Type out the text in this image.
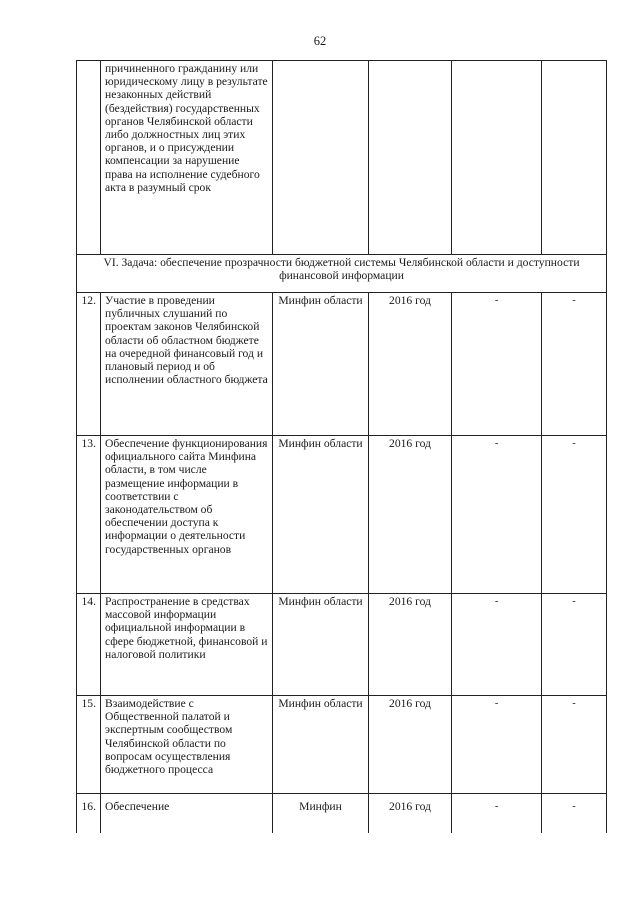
62
	причиненного гражданину или юридическому лицу в результате незаконных действий (бездействия) государственных органов Челябинской области либо должностных лиц этих органов, и о присуждении компенсации за нарушение права на исполнение судебного акта в разумный срок				
VI. Задача: обеспечение прозрачности бюджетной системы Челябинской области и доступности финансовой информации					
12.	Участие в проведении публичных слушаний по проектам законов Челябинской области об областном бюджете на очередной финансовый год и плановый период и об исполнении областного бюджета	Минфин области	2016 год	-	-
13.	Обеспечение функционирования официального сайта Минфина области, в том числе размещение информации в соответствии с законодательством об обеспечении доступа к информации о деятельности государственных органов	Минфин области	2016 год	-	-
14.	Распространение в средствах массовой информации официальной информации в сфере бюджетной, финансовой и налоговой политики	Минфин области	2016 год	-	-
15.	Взаимодействие с Общественной палатой и экспертным сообществом Челябинской области по вопросам осуществления бюджетного процесса	Минфин области	2016 год	-	-
16.	Обеспечение	Минфин	2016 год	-	-
